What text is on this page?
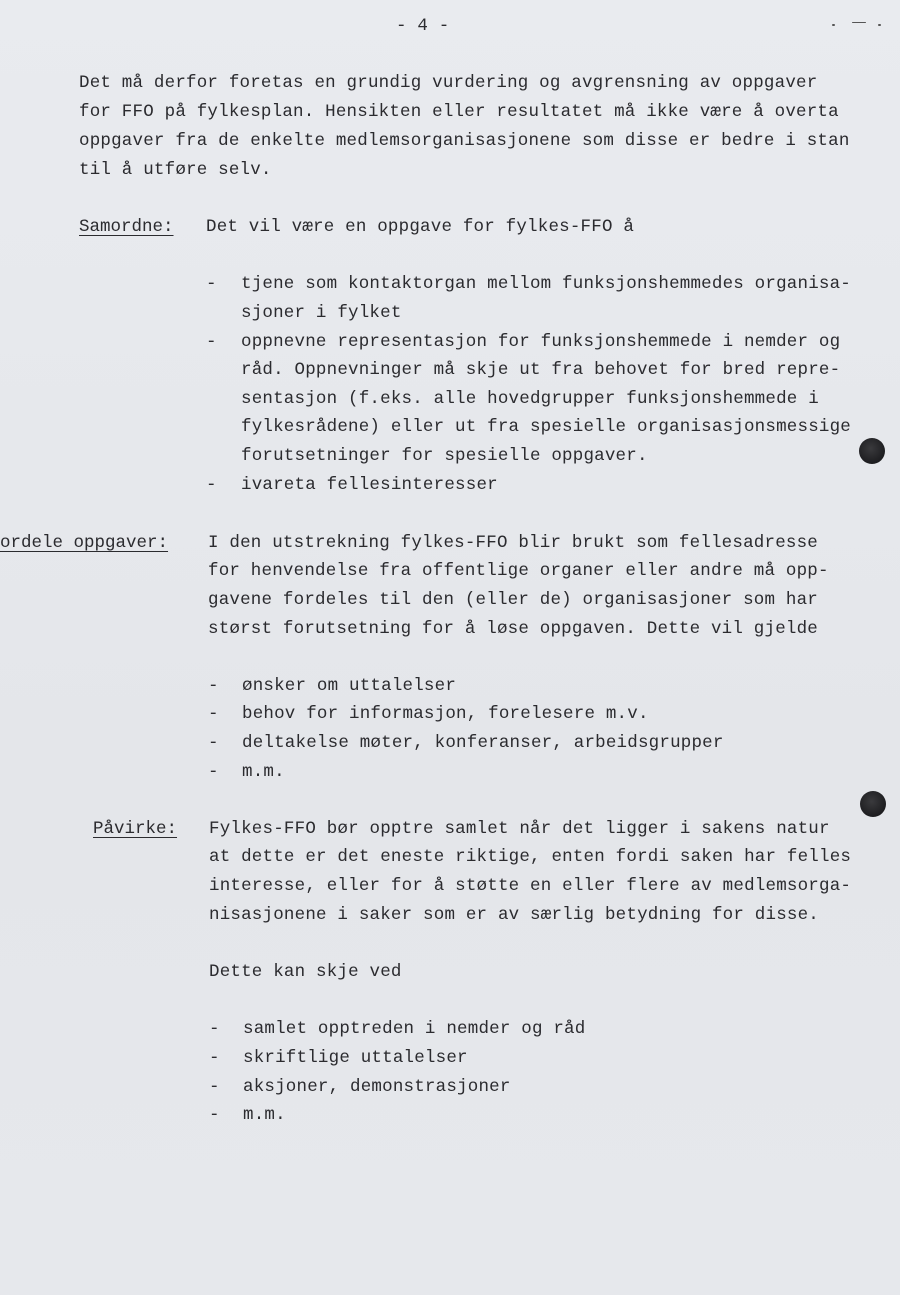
- 4 -
Det må derfor foretas en grundig vurdering og avgrensning av oppgaver
for FFO på fylkesplan. Hensikten eller resultatet må ikke være å overta
oppgaver fra de enkelte medlemsorganisasjonene som disse er bedre i stan
til å utføre selv.
Samordne: Det vil være en oppgave for fylkes-FFO å
- tjene som kontaktorgan mellom funksjonshemmedes organisa-
sjoner i fylket
- oppnevne representasjon for funksjonshemmede i nemder og
råd. Oppnevninger må skje ut fra behovet for bred repre-
sentasjon (f.eks. alle hovedgrupper funksjonshemmede i
fylkesrådene) eller ut fra spesielle organisasjonsmessige
forutsetninger for spesielle oppgaver.
- ivareta fellesinteresser
ordele oppgaver: I den utstrekning fylkes-FFO blir brukt som fellesadresse
for henvendelse fra offentlige organer eller andre må opp-
gavene fordeles til den (eller de) organisasjoner som har
størst forutsetning for å løse oppgaven. Dette vil gjelde
- ønsker om uttalelser
- behov for informasjon, forelesere m.v.
- deltakelse møter, konferanser, arbeidsgrupper
- m.m.
Påvirke: Fylkes-FFO bør opptre samlet når det ligger i sakens natur
at dette er det eneste riktige, enten fordi saken har felles
interesse, eller for å støtte en eller flere av medlemsorga-
nisasjonene i saker som er av særlig betydning for disse.
Dette kan skje ved
- samlet opptreden i nemder og råd
- skriftlige uttalelser
- aksjoner, demonstrasjoner
- m.m.
